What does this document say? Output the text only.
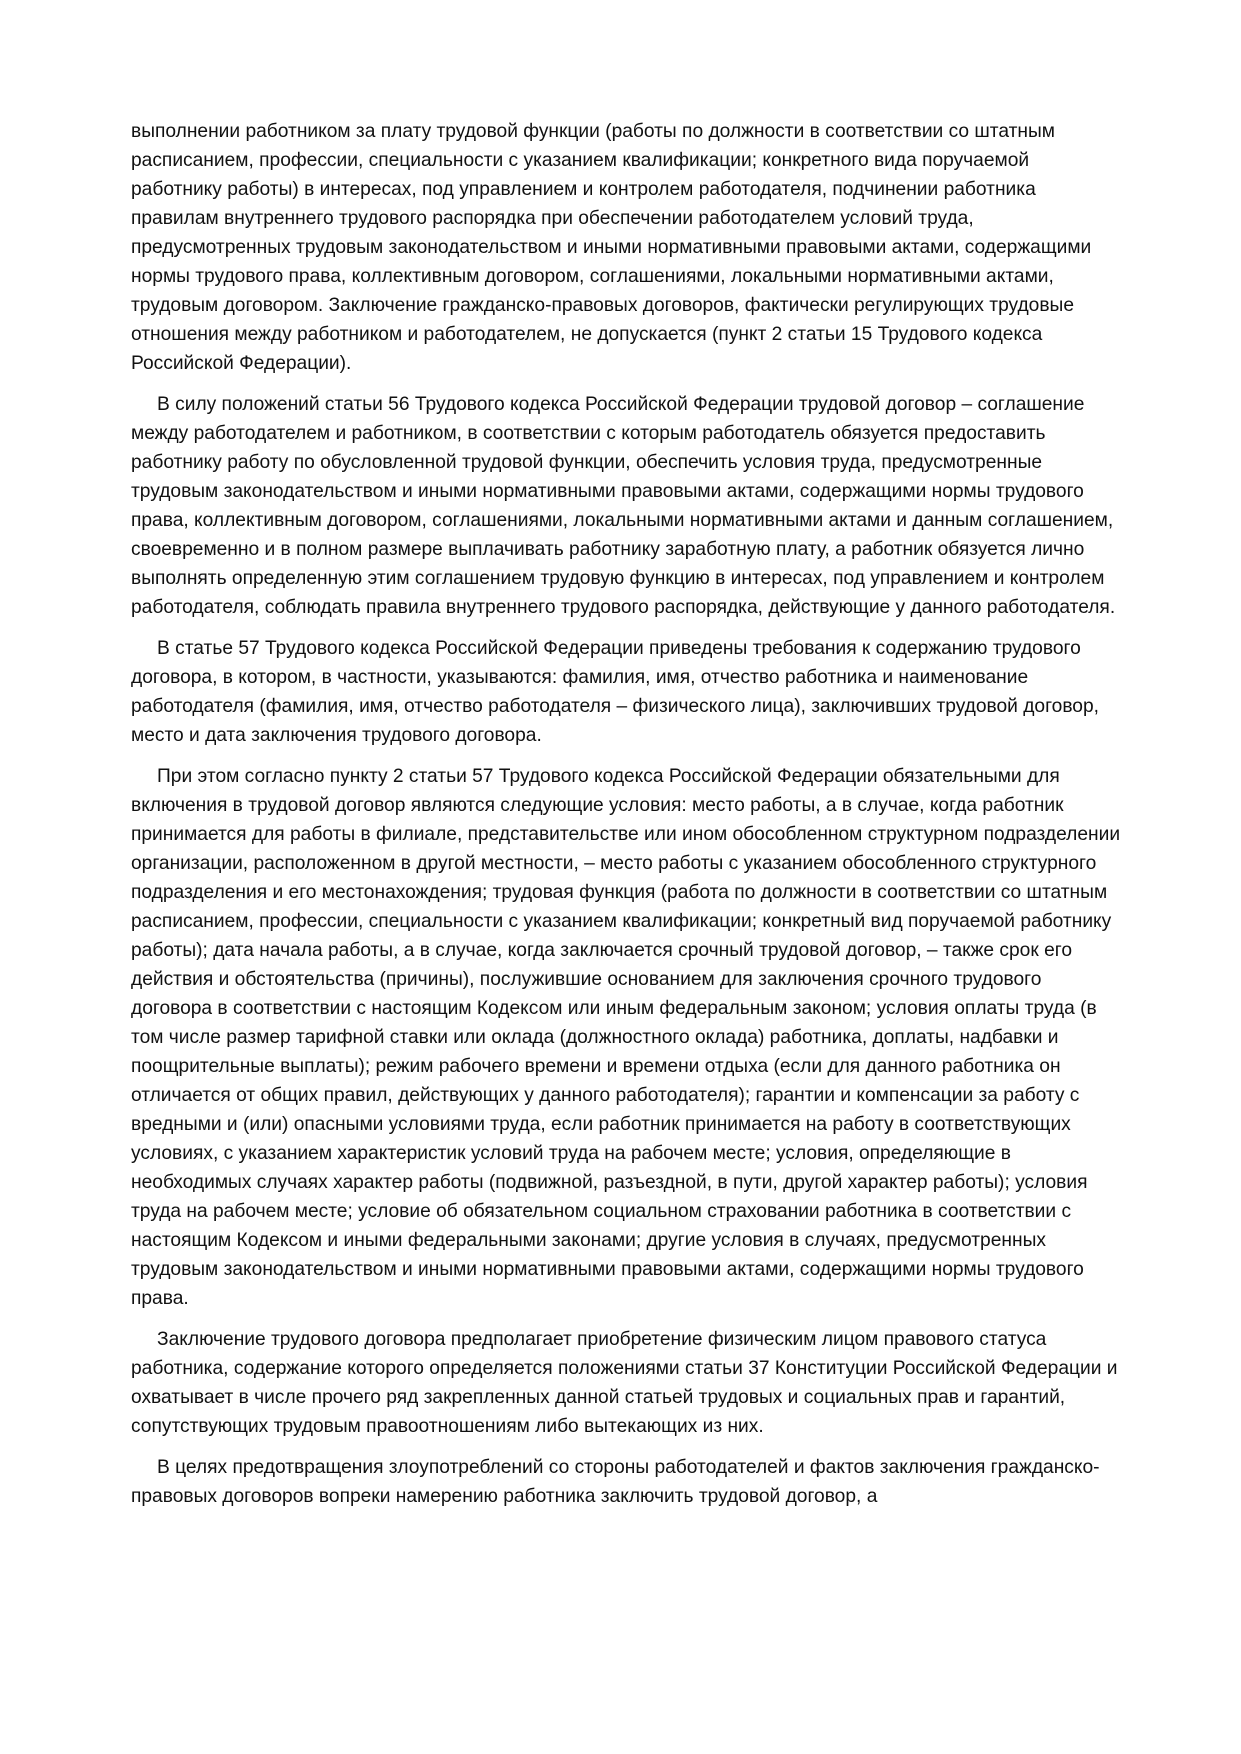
выполнении работником за плату трудовой функции (работы по должности в соответствии со штатным расписанием, профессии, специальности с указанием квалификации; конкретного вида поручаемой работнику работы) в интересах, под управлением и контролем работодателя, подчинении работника правилам внутреннего трудового распорядка при обеспечении работодателем условий труда, предусмотренных трудовым законодательством и иными нормативными правовыми актами, содержащими нормы трудового права, коллективным договором, соглашениями, локальными нормативными актами, трудовым договором. Заключение гражданско-правовых договоров, фактически регулирующих трудовые отношения между работником и работодателем, не допускается (пункт 2 статьи 15 Трудового кодекса Российской Федерации).

В силу положений статьи 56 Трудового кодекса Российской Федерации трудовой договор – соглашение между работодателем и работником, в соответствии с которым работодатель обязуется предоставить работнику работу по обусловленной трудовой функции, обеспечить условия труда, предусмотренные трудовым законодательством и иными нормативными правовыми актами, содержащими нормы трудового права, коллективным договором, соглашениями, локальными нормативными актами и данным соглашением, своевременно и в полном размере выплачивать работнику заработную плату, а работник обязуется лично выполнять определенную этим соглашением трудовую функцию в интересах, под управлением и контролем работодателя, соблюдать правила внутреннего трудового распорядка, действующие у данного работодателя.

В статье 57 Трудового кодекса Российской Федерации приведены требования к содержанию трудового договора, в котором, в частности, указываются: фамилия, имя, отчество работника и наименование работодателя (фамилия, имя, отчество работодателя – физического лица), заключивших трудовой договор, место и дата заключения трудового договора.

При этом согласно пункту 2 статьи 57 Трудового кодекса Российской Федерации обязательными для включения в трудовой договор являются следующие условия: место работы, а в случае, когда работник принимается для работы в филиале, представительстве или ином обособленном структурном подразделении организации, расположенном в другой местности, – место работы с указанием обособленного структурного подразделения и его местонахождения; трудовая функция (работа по должности в соответствии со штатным расписанием, профессии, специальности с указанием квалификации; конкретный вид поручаемой работнику работы); дата начала работы, а в случае, когда заключается срочный трудовой договор, – также срок его действия и обстоятельства (причины), послужившие основанием для заключения срочного трудового договора в соответствии с настоящим Кодексом или иным федеральным законом; условия оплаты труда (в том числе размер тарифной ставки или оклада (должностного оклада) работника, доплаты, надбавки и поощрительные выплаты); режим рабочего времени и времени отдыха (если для данного работника он отличается от общих правил, действующих у данного работодателя); гарантии и компенсации за работу с вредными и (или) опасными условиями труда, если работник принимается на работу в соответствующих условиях, с указанием характеристик условий труда на рабочем месте; условия, определяющие в необходимых случаях характер работы (подвижной, разъездной, в пути, другой характер работы); условия труда на рабочем месте; условие об обязательном социальном страховании работника в соответствии с настоящим Кодексом и иными федеральными законами; другие условия в случаях, предусмотренных трудовым законодательством и иными нормативными правовыми актами, содержащими нормы трудового права.

Заключение трудового договора предполагает приобретение физическим лицом правового статуса работника, содержание которого определяется положениями статьи 37 Конституции Российской Федерации и охватывает в числе прочего ряд закрепленных данной статьей трудовых и социальных прав и гарантий, сопутствующих трудовым правоотношениям либо вытекающих из них.

В целях предотвращения злоупотреблений со стороны работодателей и фактов заключения гражданско-правовых договоров вопреки намерению работника заключить трудовой договор, а
